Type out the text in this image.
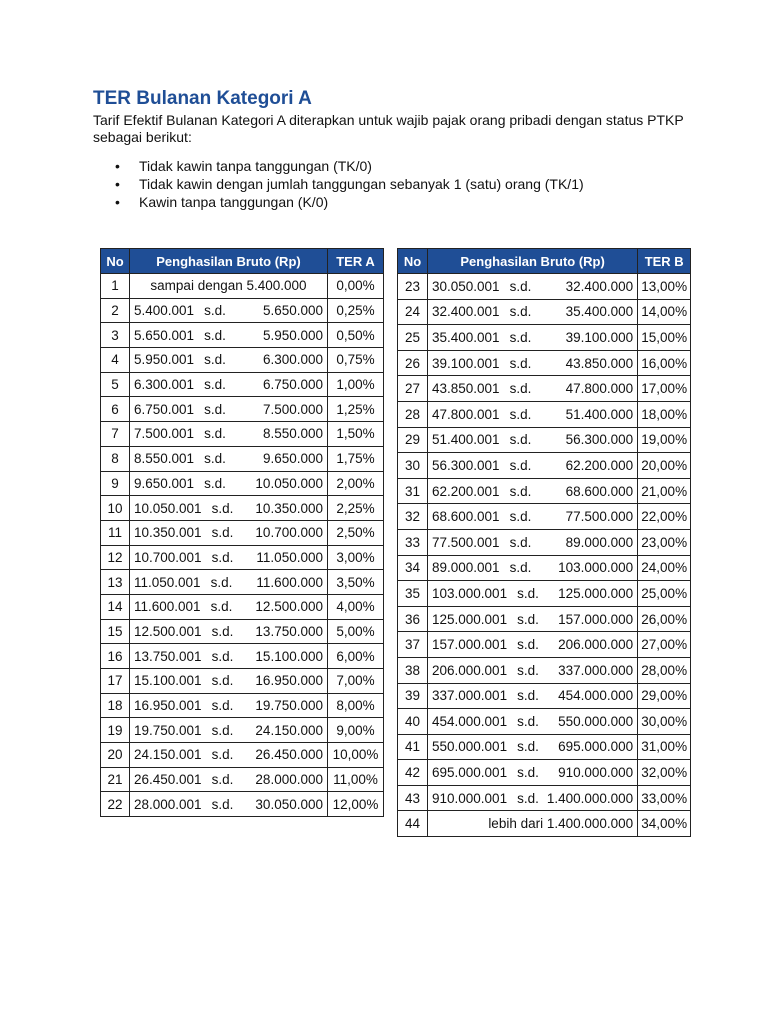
TER Bulanan Kategori A

Tarif Efektif Bulanan Kategori A diterapkan untuk wajib pajak orang pribadi dengan status PTKP sebagai berikut:

• Tidak kawin tanpa tanggungan (TK/0)
• Tidak kawin dengan jumlah tanggungan sebanyak 1 (satu) orang (TK/1)
• Kawin tanpa tanggungan (K/0)
No	Penghasilan Bruto (Rp)	TER A
1	sampai dengan 5.400.000	0,00%
2	5.400.001 s.d. 5.650.000	0,25%
3	5.650.001 s.d. 5.950.000	0,50%
4	5.950.001 s.d. 6.300.000	0,75%
5	6.300.001 s.d. 6.750.000	1,00%
6	6.750.001 s.d. 7.500.000	1,25%
7	7.500.001 s.d. 8.550.000	1,50%
8	8.550.001 s.d. 9.650.000	1,75%
9	9.650.001 s.d. 10.050.000	2,00%
10	10.050.001 s.d. 10.350.000	2,25%
11	10.350.001 s.d. 10.700.000	2,50%
12	10.700.001 s.d. 11.050.000	3,00%
13	11.050.001 s.d. 11.600.000	3,50%
14	11.600.001 s.d. 12.500.000	4,00%
15	12.500.001 s.d. 13.750.000	5,00%
16	13.750.001 s.d. 15.100.000	6,00%
17	15.100.001 s.d. 16.950.000	7,00%
18	16.950.001 s.d. 19.750.000	8,00%
19	19.750.001 s.d. 24.150.000	9,00%
20	24.150.001 s.d. 26.450.000	10,00%
21	26.450.001 s.d. 28.000.000	11,00%
22	28.000.001 s.d. 30.050.000	12,00%
No	Penghasilan Bruto (Rp)	TER B
23	30.050.001 s.d. 32.400.000	13,00%
24	32.400.001 s.d. 35.400.000	14,00%
25	35.400.001 s.d. 39.100.000	15,00%
26	39.100.001 s.d. 43.850.000	16,00%
27	43.850.001 s.d. 47.800.000	17,00%
28	47.800.001 s.d. 51.400.000	18,00%
29	51.400.001 s.d. 56.300.000	19,00%
30	56.300.001 s.d. 62.200.000	20,00%
31	62.200.001 s.d. 68.600.000	21,00%
32	68.600.001 s.d. 77.500.000	22,00%
33	77.500.001 s.d. 89.000.000	23,00%
34	89.000.001 s.d. 103.000.000	24,00%
35	103.000.001 s.d. 125.000.000	25,00%
36	125.000.001 s.d. 157.000.000	26,00%
37	157.000.001 s.d. 206.000.000	27,00%
38	206.000.001 s.d. 337.000.000	28,00%
39	337.000.001 s.d. 454.000.000	29,00%
40	454.000.001 s.d. 550.000.000	30,00%
41	550.000.001 s.d. 695.000.000	31,00%
42	695.000.001 s.d. 910.000.000	32,00%
43	910.000.001 s.d. 1.400.000.000	33,00%
44	lebih dari 1.400.000.000	34,00%
